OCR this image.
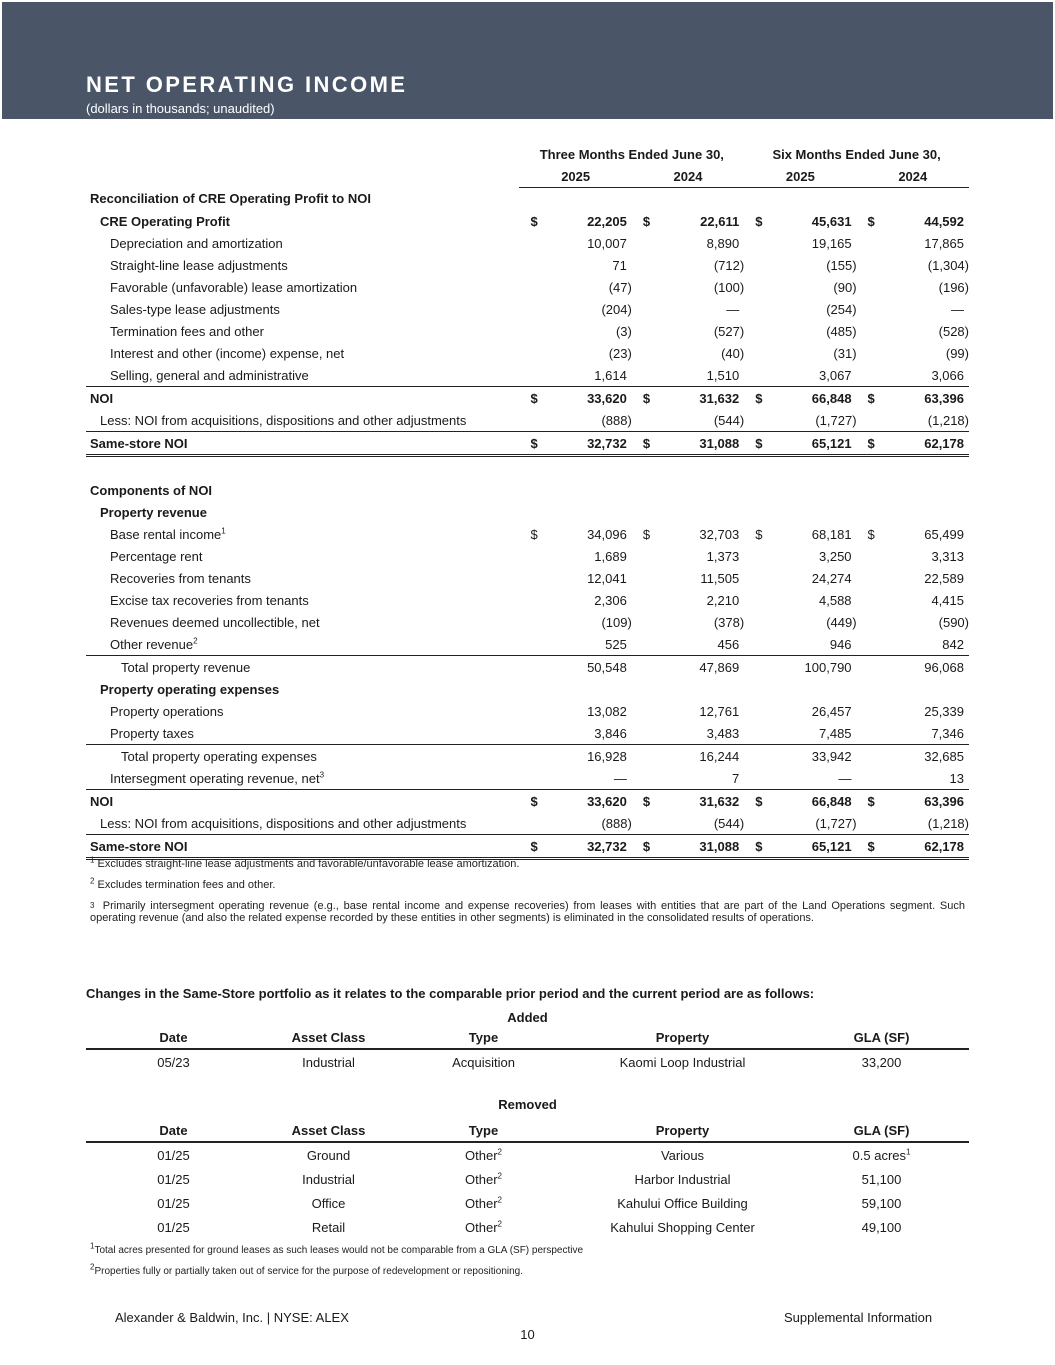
NET OPERATING INCOME
(dollars in thousands; unaudited)
	Three Months Ended June 30,				Six Months Ended June 30,			
	2025		2024		2025		2024	
Reconciliation of CRE Operating Profit to NOI								
CRE Operating Profit	$	22,205	$	22,611	$	45,631	$	44,592
Depreciation and amortization		10,007		8,890		19,165		17,865
Straight-line lease adjustments		71		(712)		(155)		(1,304)
Favorable (unfavorable) lease amortization		(47)		(100)		(90)		(196)
Sales-type lease adjustments		(204)		—		(254)		—
Termination fees and other		(3)		(527)		(485)		(528)
Interest and other (income) expense, net		(23)		(40)		(31)		(99)
Selling, general and administrative		1,614		1,510		3,067		3,066
NOI	$	33,620	$	31,632	$	66,848	$	63,396
Less: NOI from acquisitions, dispositions and other adjustments		(888)		(544)		(1,727)		(1,218)
Same-store NOI	$	32,732	$	31,088	$	65,121	$	62,178

Components of NOI								
Property revenue								
Base rental income$^1$	$	34,096	$	32,703	$	68,181	$	65,499
Percentage rent		1,689		1,373		3,250		3,313
Recoveries from tenants		12,041		11,505		24,274		22,589
Excise tax recoveries from tenants		2,306		2,210		4,588		4,415
Revenues deemed uncollectible, net		(109)		(378)		(449)		(590)
Other revenue$^2$		525		456		946		842
Total property revenue		50,548		47,869		100,790		96,068
Property operating expenses								
Property operations		13,082		12,761		26,457		25,339
Property taxes		3,846		3,483		7,485		7,346
Total property operating expenses		16,928		16,244		33,942		32,685
Intersegment operating revenue, net$^3$		—		7		—		13
NOI	$	33,620	$	31,632	$	66,848	$	63,396
Less: NOI from acquisitions, dispositions and other adjustments		(888)		(544)		(1,727)		(1,218)
Same-store NOI	$	32,732	$	31,088	$	65,121	$	62,178
$^1$ Excludes straight-line lease adjustments and favorable/unfavorable lease amortization.
$^2$ Excludes termination fees and other.
3 Primarily intersegment operating revenue (e.g., base rental income and expense recoveries) from leases with entities that are part of the Land Operations segment. Such operating revenue (and also the related expense recorded by these entities in other segments) is eliminated in the consolidated results of operations.
Changes in the Same-Store portfolio as it relates to the comparable prior period and the current period are as follows:
Added
Date	Asset Class	Type	Property	GLA (SF)
05/23	Industrial	Acquisition	Kaomi Loop Industrial	33,200
Removed
Date	Asset Class	Type	Property	GLA (SF)
01/25	Ground	Other$^2$	Various	0.5 acres$^1$
01/25	Industrial	Other$^2$	Harbor Industrial	51,100
01/25	Office	Other$^2$	Kahului Office Building	59,100
01/25	Retail	Other$^2$	Kahului Shopping Center	49,100
$^1$Total acres presented for ground leases as such leases would not be comparable from a GLA (SF) perspective
$^2$Properties fully or partially taken out of service for the purpose of redevelopment or repositioning.
Alexander & Baldwin, Inc. | NYSE: ALEX	Supplemental Information
10
